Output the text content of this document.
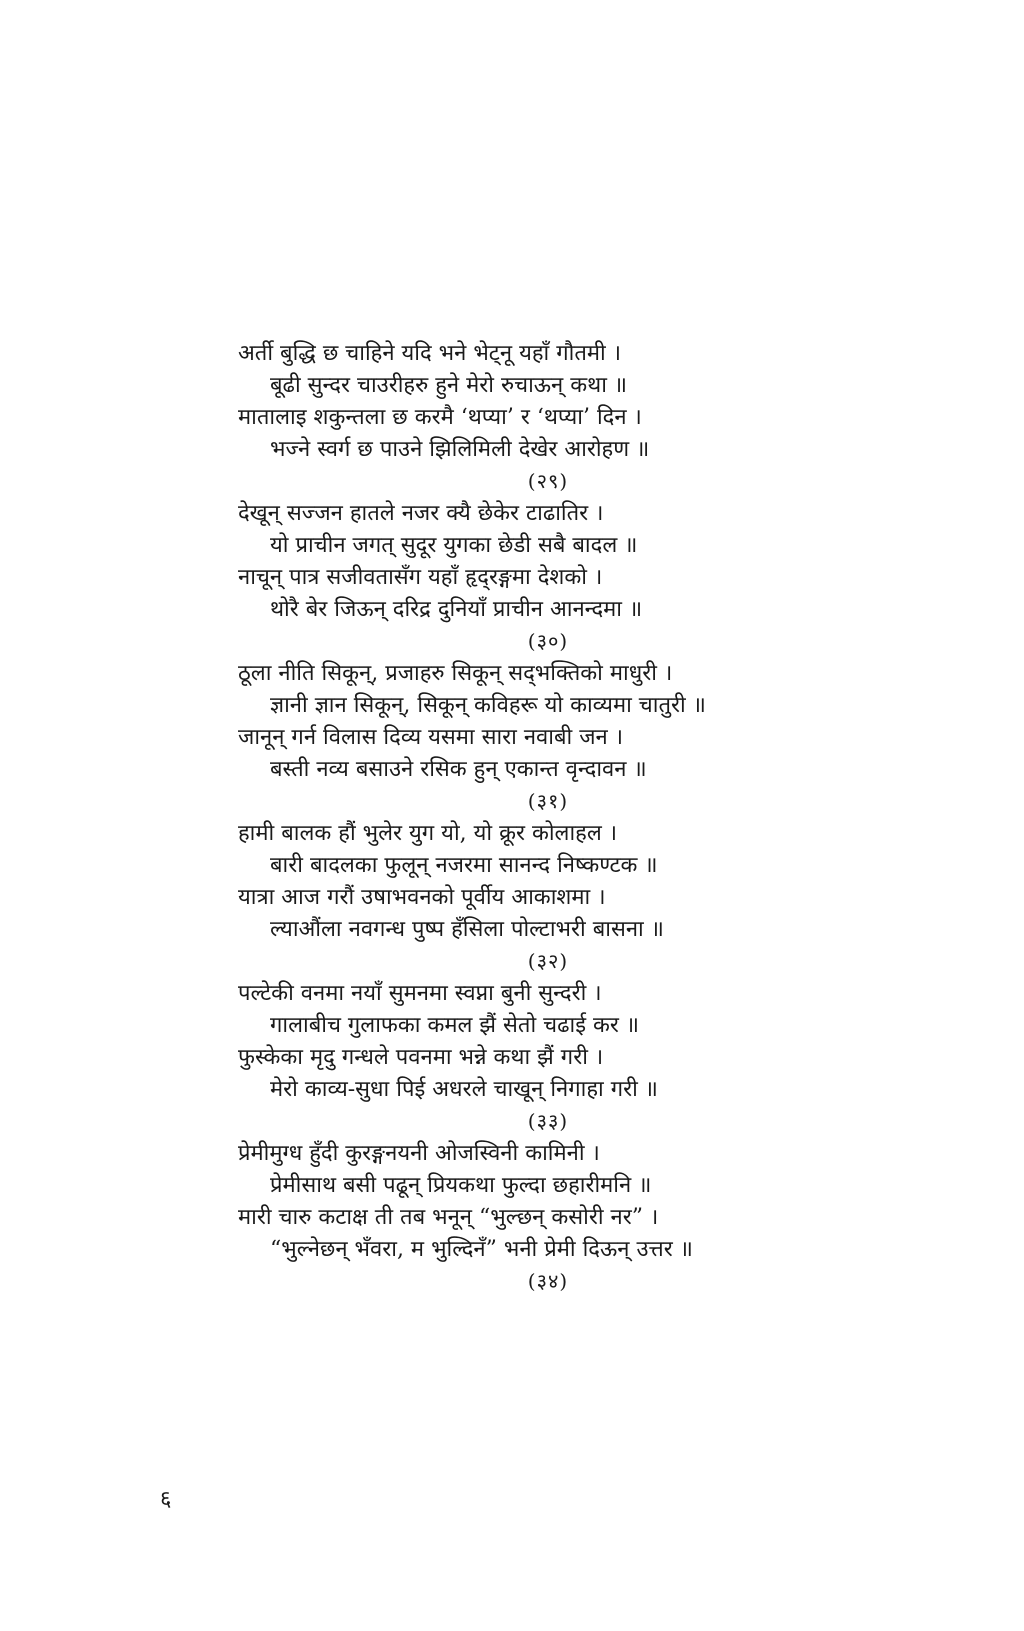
अर्ती बुद्धि छ चाहिने यदि भने भेट्‌नू यहाँ गौतमी ।
बूढी सुन्दर चाउरीहरु हुने मेरो रुचाऊन्‌ कथा ॥
मातालाइ शकुन्तला छ करमै ‘थप्या’ र ‘थप्या’ दिन ।
भज्ने स्वर्ग छ पाउने झिलिमिली देखेर आरोहण ॥
(२९)
देखून्‌ सज्जन हातले नजर क्यै छेकेर टाढातिर ।
यो प्राचीन जगत्‌ सुदूर युगका छेडी सबै बादल ॥
नाचून्‌ पात्र सजीवतासँग यहाँ हृद्‌रङ्गमा देशको ।
थोरै बेर जिऊन्‌ दरिद्र दुनियाँ प्राचीन आनन्दमा ॥
(३०)
ठूला नीति सिकून्‌, प्रजाहरु सिकून्‌ सद्‌भक्तिको माधुरी ।
ज्ञानी ज्ञान सिकून्‌, सिकून्‌ कविहरू यो काव्यमा चातुरी ॥
जानून्‌ गर्न विलास दिव्य यसमा सारा नवाबी जन ।
बस्ती नव्य बसाउने रसिक हुन्‌ एकान्त वृन्दावन ॥
(३१)
हामी बालक हौं भुलेर युग यो, यो क्रूर कोलाहल ।
बारी बादलका फुलून्‌ नजरमा सानन्द निष्कण्टक ॥
यात्रा आज गरौं उषाभवनको पूर्वीय आकाशमा ।
ल्याऔंला नवगन्ध पुष्प हँसिला पोल्टाभरी बासना ॥
(३२)
पल्टेकी वनमा नयाँ सुमनमा स्वप्ना बुनी सुन्दरी ।
गालाबीच गुलाफका कमल झैं सेतो चढाई कर ॥
फुस्केका मृदु गन्धले पवनमा भन्ने कथा झैं गरी ।
मेरो काव्य-सुधा पिई अधरले चाखून्‌ निगाहा गरी ॥
(३३)
प्रेमीमुग्ध हुँदी कुरङ्गनयनी ओजस्विनी कामिनी ।
प्रेमीसाथ बसी पढून्‌ प्रियकथा फुल्दा छहारीमनि ॥
मारी चारु कटाक्ष ती तब भनून्‌ “भुल्छन्‌ कसोरी नर” ।
“भुल्नेछन्‌ भँवरा, म भुल्दिनँ” भनी प्रेमी दिऊन्‌ उत्तर ॥
(३४)
६
